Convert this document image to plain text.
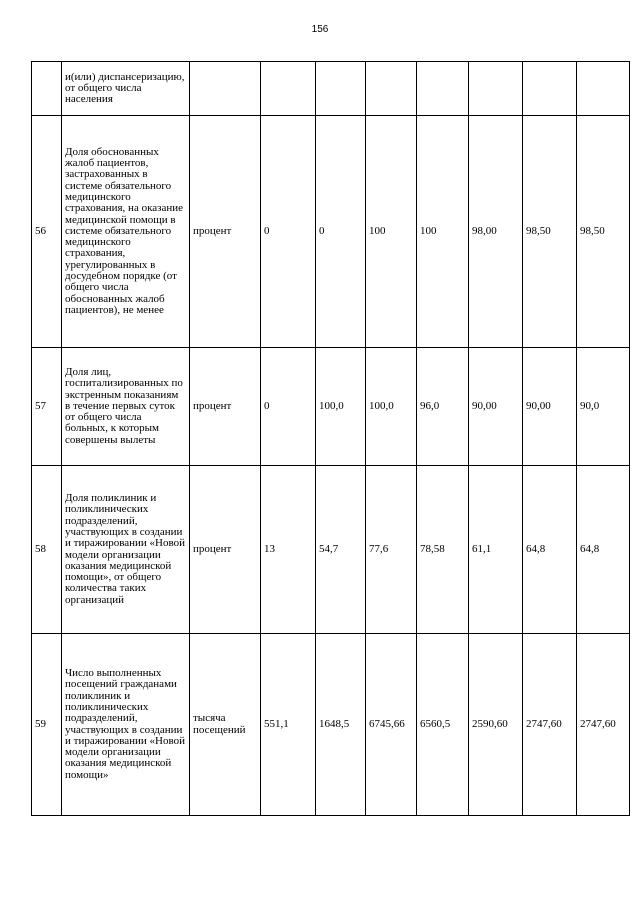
156
	и(или) диспансеризацию, от общего числа населения								
56	Доля обоснованных жалоб пациентов, застрахованных в системе обязательного медицинского страхования, на оказание медицинской помощи в системе обязательного медицинского страхования, урегулированных в досудебном порядке (от общего числа обоснованных жалоб пациентов), не менее	процент	0	0	100	100	98,00	98,50	98,50
57	Доля лиц, госпитализированных по экстренным показаниям в течение первых суток от общего числа больных, к которым совершены вылеты	процент	0	100,0	100,0	96,0	90,00	90,00	90,0
58	Доля поликлиник и поликлинических подразделений, участвующих в создании и тиражировании «Новой модели организации оказания медицинской помощи», от общего количества таких организаций	процент	13	54,7	77,6	78,58	61,1	64,8	64,8
59	Число выполненных посещений гражданами поликлиник и поликлинических подразделений, участвующих в создании и тиражировании «Новой модели организации оказания медицинской помощи»	тысяча посещений	551,1	1648,5	6745,66	6560,5	2590,60	2747,60	2747,60
